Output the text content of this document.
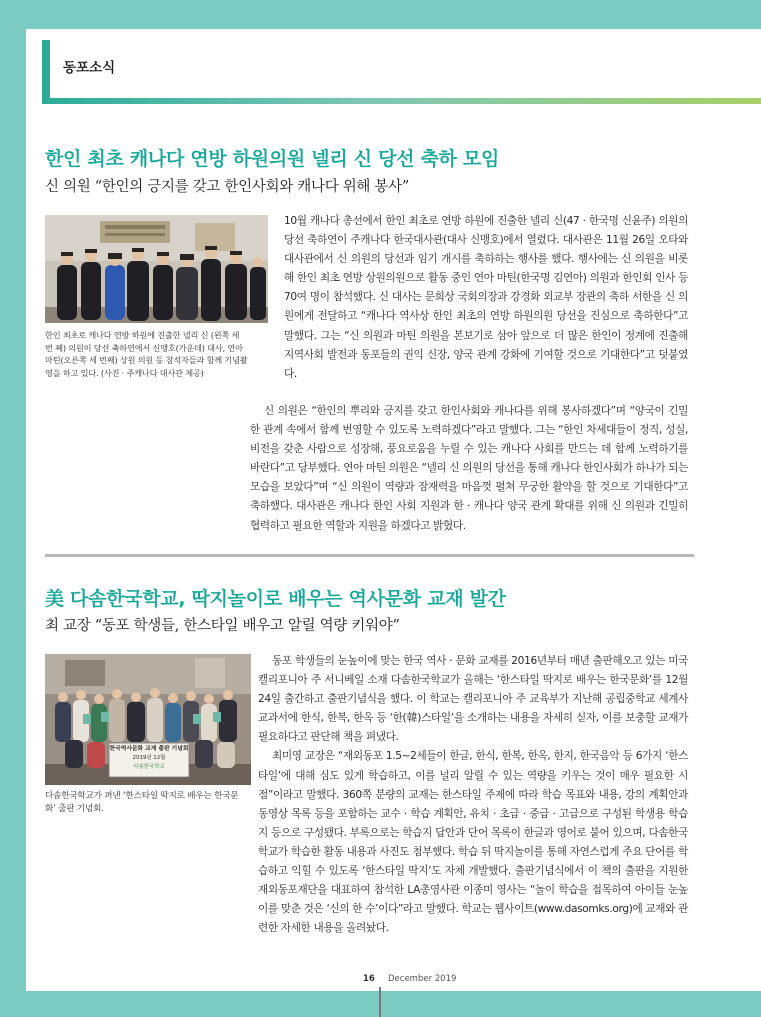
동포소식
한인 최초 캐나다 연방 하원의원 넬리 신 당선 축하 모임
신 의원 “한인의 긍지를 갖고 한인사회와 캐나다 위해 봉사”
한인 최초로 캐나다 연방 하원에 진출한 넬리 신 (왼쪽 세 번 째) 의원이 당선 축하연에서 신맹호(가운데) 대사, 연아 마틴(오른쪽 세 번째) 상원 의원 등 참석자들과 함께 기념촬영을 하고 있다. (사진 · 주캐나다 대사관 제공)

10월 캐나다 총선에서 한인 최초로 연방 하원에 진출한 넬리 신(47 · 한국명 신윤주) 의원의 당선 축하연이 주캐나다 한국대사관(대사 신맹호)에서 열렸다. 대사관은 11월 26일 오타와 대사관에서 신 의원의 당선과 임기 개시를 축하하는 행사를 했다. 행사에는 신 의원을 비롯해 한인 최초 연방 상원의원으로 활동 중인 연아 마틴(한국명 김연아) 의원과 한인회 인사 등 70여 명이 참석했다. 신 대사는 문희상 국회의장과 강경화 외교부 장관의 축하 서한을 신 의원에게 전달하고 “캐나다 역사상 한인 최초의 연방 하원의원 당선을 진심으로 축하한다”고 말했다. 그는 “신 의원과 마틴 의원을 본보기로 삼아 앞으로 더 많은 한인이 정계에 진출해 지역사회 발전과 동포들의 권익 신장, 양국 관계 강화에 기여할 것으로 기대한다”고 덧붙였다.

신 의원은 “한인의 뿌리와 긍지를 갖고 한인사회와 캐나다를 위해 봉사하겠다”며 “양국이 긴밀한 관계 속에서 함께 번영할 수 있도록 노력하겠다”라고 말했다. 그는 “한인 차세대들이 정직, 성실, 비전을 갖춘 사람으로 성장해, 풍요로움을 누릴 수 있는 캐나다 사회를 만드는 데 함께 노력하기를 바란다”고 당부했다. 연아 마틴 의원은 “넬리 신 의원의 당선을 통해 캐나다 한인사회가 하나가 되는 모습을 보았다”며 “신 의원이 역량과 잠재력을 마음껏 펼쳐 무궁한 활약을 할 것으로 기대한다”고 축하했다. 대사관은 캐나다 한인 사회 지원과 한 · 캐나다 양국 관계 확대를 위해 신 의원과 긴밀히 협력하고 필요한 역할과 지원을 하겠다고 밝혔다.

美 다솜한국학교, 딱지놀이로 배우는 역사문화 교재 발간
최 교장 “동포 학생들, 한스타일 배우고 알릴 역량 키워야”
한국역사문화 교재 출판 기념회
2019년 12월
다솜한국학교
다솜한국학교가 펴낸 ‘한스타일 딱지로 배우는 한국문화’ 출판 기념회.

동포 학생들의 눈높이에 맞는 한국 역사 · 문화 교재를 2016년부터 매년 출판해오고 있는 미국 캘리포니아 주 서니베일 소재 다솜한국학교가 올해는 ‘한스타일 딱지로 배우는 한국문화’를 12월 24일 출간하고 출판기념식을 했다. 이 학교는 캘리포니아 주 교육부가 지난해 공립중학교 세계사 교과서에 한식, 한복, 한옥 등 ‘한(韓)스타일’을 소개하는 내용을 자세히 싣자, 이를 보충할 교재가 필요하다고 판단해 책을 펴냈다.

최미영 교장은 “재외동포 1.5~2세들이 한글, 한식, 한복, 한옥, 한지, 한국음악 등 6가지 ‘한스타일’에 대해 심도 있게 학습하고, 이를 널리 알릴 수 있는 역량을 키우는 것이 매우 필요한 시점”이라고 말했다. 360쪽 분량의 교재는 한스타일 주제에 따라 학습 목표와 내용, 강의 계획안과 동영상 목록 등을 포함하는 교수 · 학습 계획안, 유치 · 초급 · 중급 · 고급으로 구성된 학생용 학습지 등으로 구성됐다. 부록으로는 학습지 답안과 단어 목록이 한글과 영어로 붙어 있으며, 다솜한국학교가 학습한 활동 내용과 사진도 첨부했다. 학습 뒤 딱지놀이를 통해 자연스럽게 주요 단어를 학습하고 익힐 수 있도록 ‘한스타일 딱지’도 자체 개발했다. 출판기념식에서 이 책의 출판을 지원한 재외동포재단을 대표하여 참석한 LA총영사관 이종미 영사는 “놀이 학습을 접목하여 아이들 눈높이를 맞춘 것은 ‘신의 한 수’이다”라고 말했다. 학교는 웹사이트(www.dasomks.org)에 교재와 관련한 자세한 내용을 올려놨다.

16 December 2019
